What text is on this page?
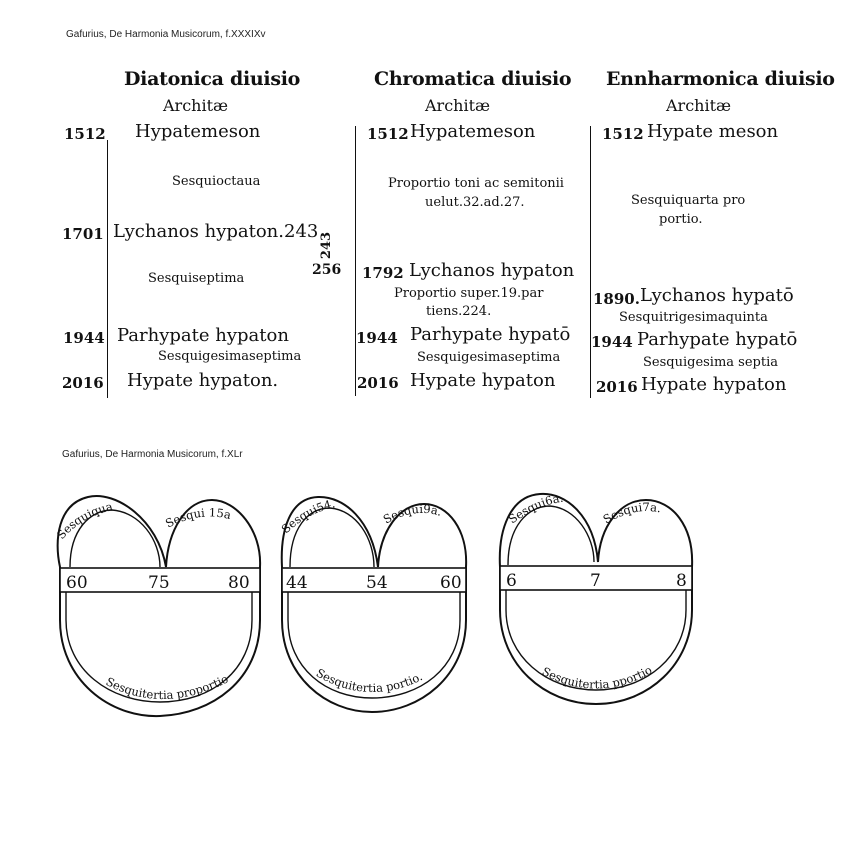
Gafurius, De Harmonia Musicorum, f.XXXIXv
Gafurius, De Harmonia Musicorum, f.XLr
Diatonica diuisio
Architæ
1512 Hypatemeson
Sesquioctaua
1701 Lychanos hypaton.243
243
256
Sesquiseptima
1944 Parhypate hypaton
Sesquigesimaseptima
2016 Hypate hypaton.
Chromatica diuisio
Architæ
1512 Hypatemeson
Proportio toni ac semitonii
uelut.32.ad.27.
1792 Lychanos hypaton
Proportio super.19.par
tiens.224.
1944 Parhypate hypatō
Sesquigesimaseptima
2016 Hypate hypaton
Ennharmonica diuisio
Architæ
1512 Hypate meson
Sesquiquarta pro
portio.
1890. Lychanos hypatō
Sesquitrigesimaquinta
1944 Parhypate hypatō
Sesquigesima septia
2016 Hypate hypaton
60	75	80
Sesquiqua
Sesqui 15a
Sesquitertia proportio
44	54	60
Sesqui54.
Sesqui9a.
Sesquitertia portio.
6	7	8
Sesqui6a.
Sesqui7a.
Sesquitertia pportio
